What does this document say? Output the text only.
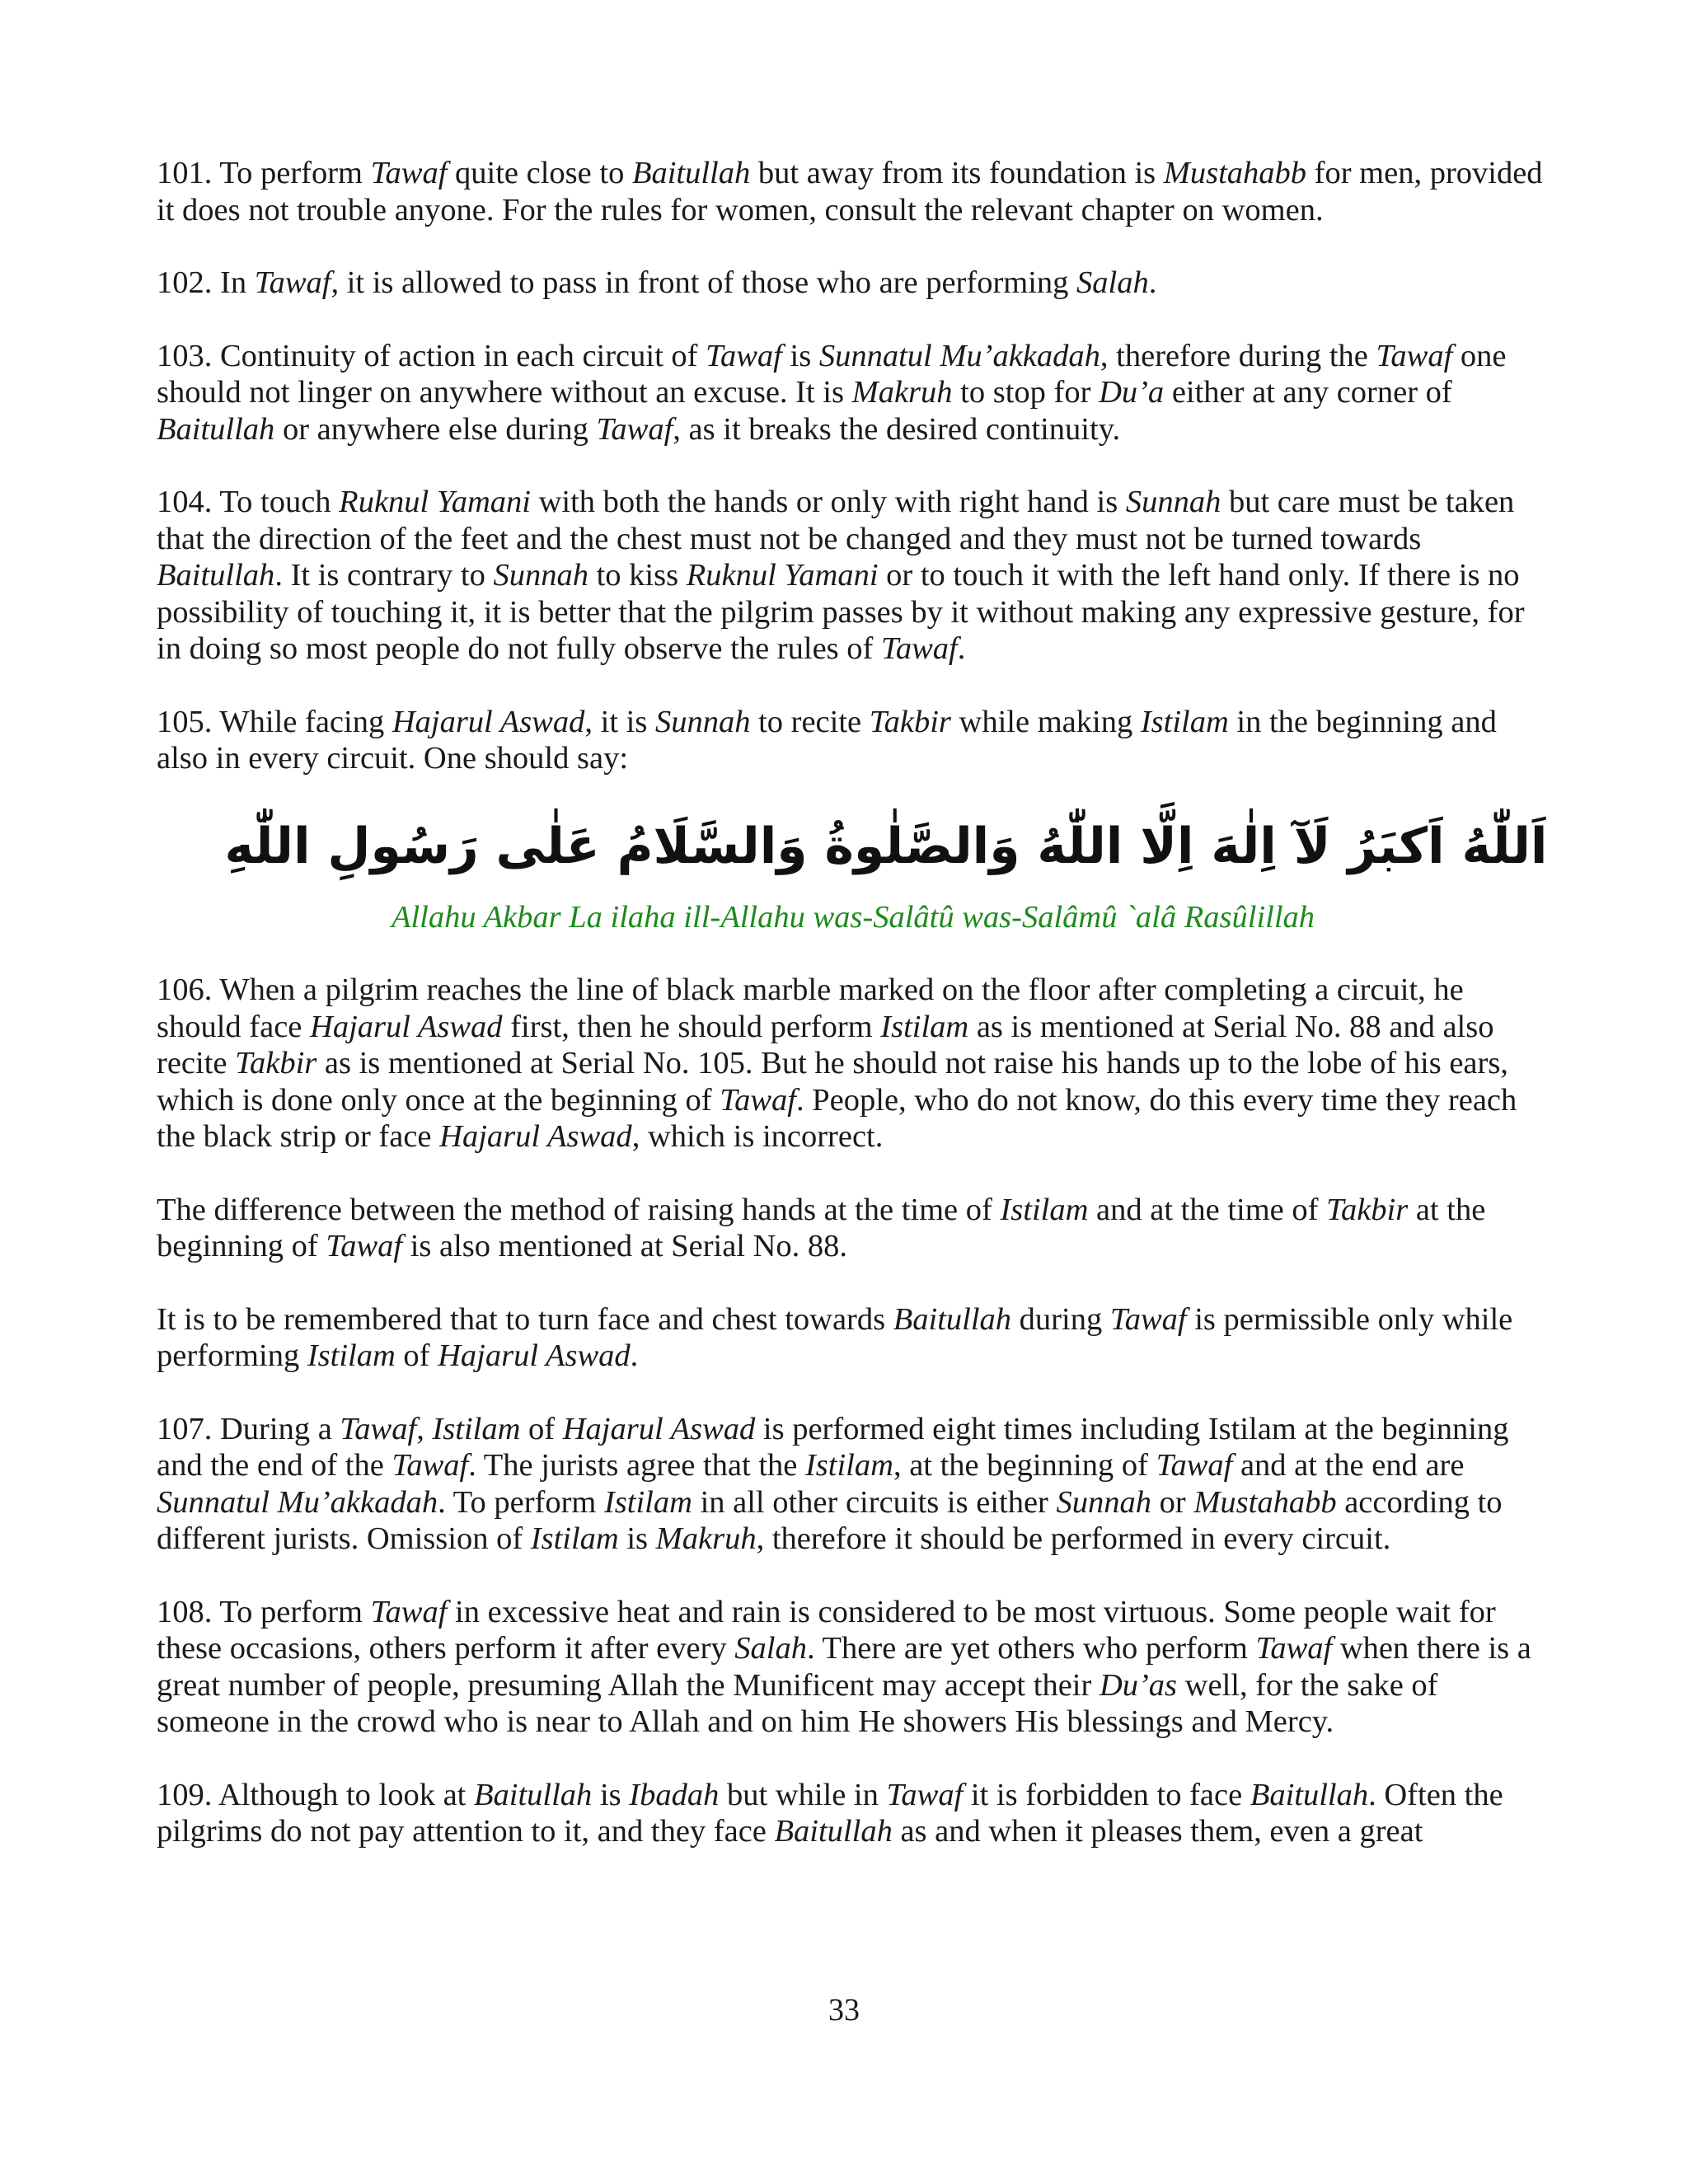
101. To perform Tawaf quite close to Baitullah but away from its foundation is Mustahabb for men, provided it does not trouble anyone. For the rules for women, consult the relevant chapter on women.

102. In Tawaf, it is allowed to pass in front of those who are performing Salah.

103. Continuity of action in each circuit of Tawaf is Sunnatul Mu’akkadah, therefore during the Tawaf one should not linger on anywhere without an excuse. It is Makruh to stop for Du’a either at any corner of Baitullah or anywhere else during Tawaf, as it breaks the desired continuity.

104. To touch Ruknul Yamani with both the hands or only with right hand is Sunnah but care must be taken that the direction of the feet and the chest must not be changed and they must not be turned towards Baitullah. It is contrary to Sunnah to kiss Ruknul Yamani or to touch it with the left hand only. If there is no possibility of touching it, it is better that the pilgrim passes by it without making any expressive gesture, for in doing so most people do not fully observe the rules of Tawaf.

105. While facing Hajarul Aswad, it is Sunnah to recite Takbir while making Istilam in the beginning and also in every circuit. One should say:

اَللّٰهُ اَكبَرُ لَآ اِلٰهَ اِلَّا اللّٰهُ وَالصَّلٰوةُ وَالسَّلَامُ عَلٰى رَسُولِ اللّٰهِ

Allahu Akbar La ilaha ill-Allahu was-Salâtû was-Salâmû `alâ Rasûlillah

106. When a pilgrim reaches the line of black marble marked on the floor after completing a circuit, he should face Hajarul Aswad first, then he should perform Istilam as is mentioned at Serial No. 88 and also recite Takbir as is mentioned at Serial No. 105. But he should not raise his hands up to the lobe of his ears, which is done only once at the beginning of Tawaf. People, who do not know, do this every time they reach the black strip or face Hajarul Aswad, which is incorrect.

The difference between the method of raising hands at the time of Istilam and at the time of Takbir at the beginning of Tawaf is also mentioned at Serial No. 88.

It is to be remembered that to turn face and chest towards Baitullah during Tawaf is permissible only while performing Istilam of Hajarul Aswad.

107. During a Tawaf, Istilam of Hajarul Aswad is performed eight times including Istilam at the beginning and the end of the Tawaf. The jurists agree that the Istilam, at the beginning of Tawaf and at the end are Sunnatul Mu’akkadah. To perform Istilam in all other circuits is either Sunnah or Mustahabb according to different jurists. Omission of Istilam is Makruh, therefore it should be performed in every circuit.

108. To perform Tawaf in excessive heat and rain is considered to be most virtuous. Some people wait for these occasions, others perform it after every Salah. There are yet others who perform Tawaf when there is a great number of people, presuming Allah the Munificent may accept their Du’as well, for the sake of someone in the crowd who is near to Allah and on him He showers His blessings and Mercy.

109. Although to look at Baitullah is Ibadah but while in Tawaf it is forbidden to face Baitullah. Often the pilgrims do not pay attention to it, and they face Baitullah as and when it pleases them, even a great

33
